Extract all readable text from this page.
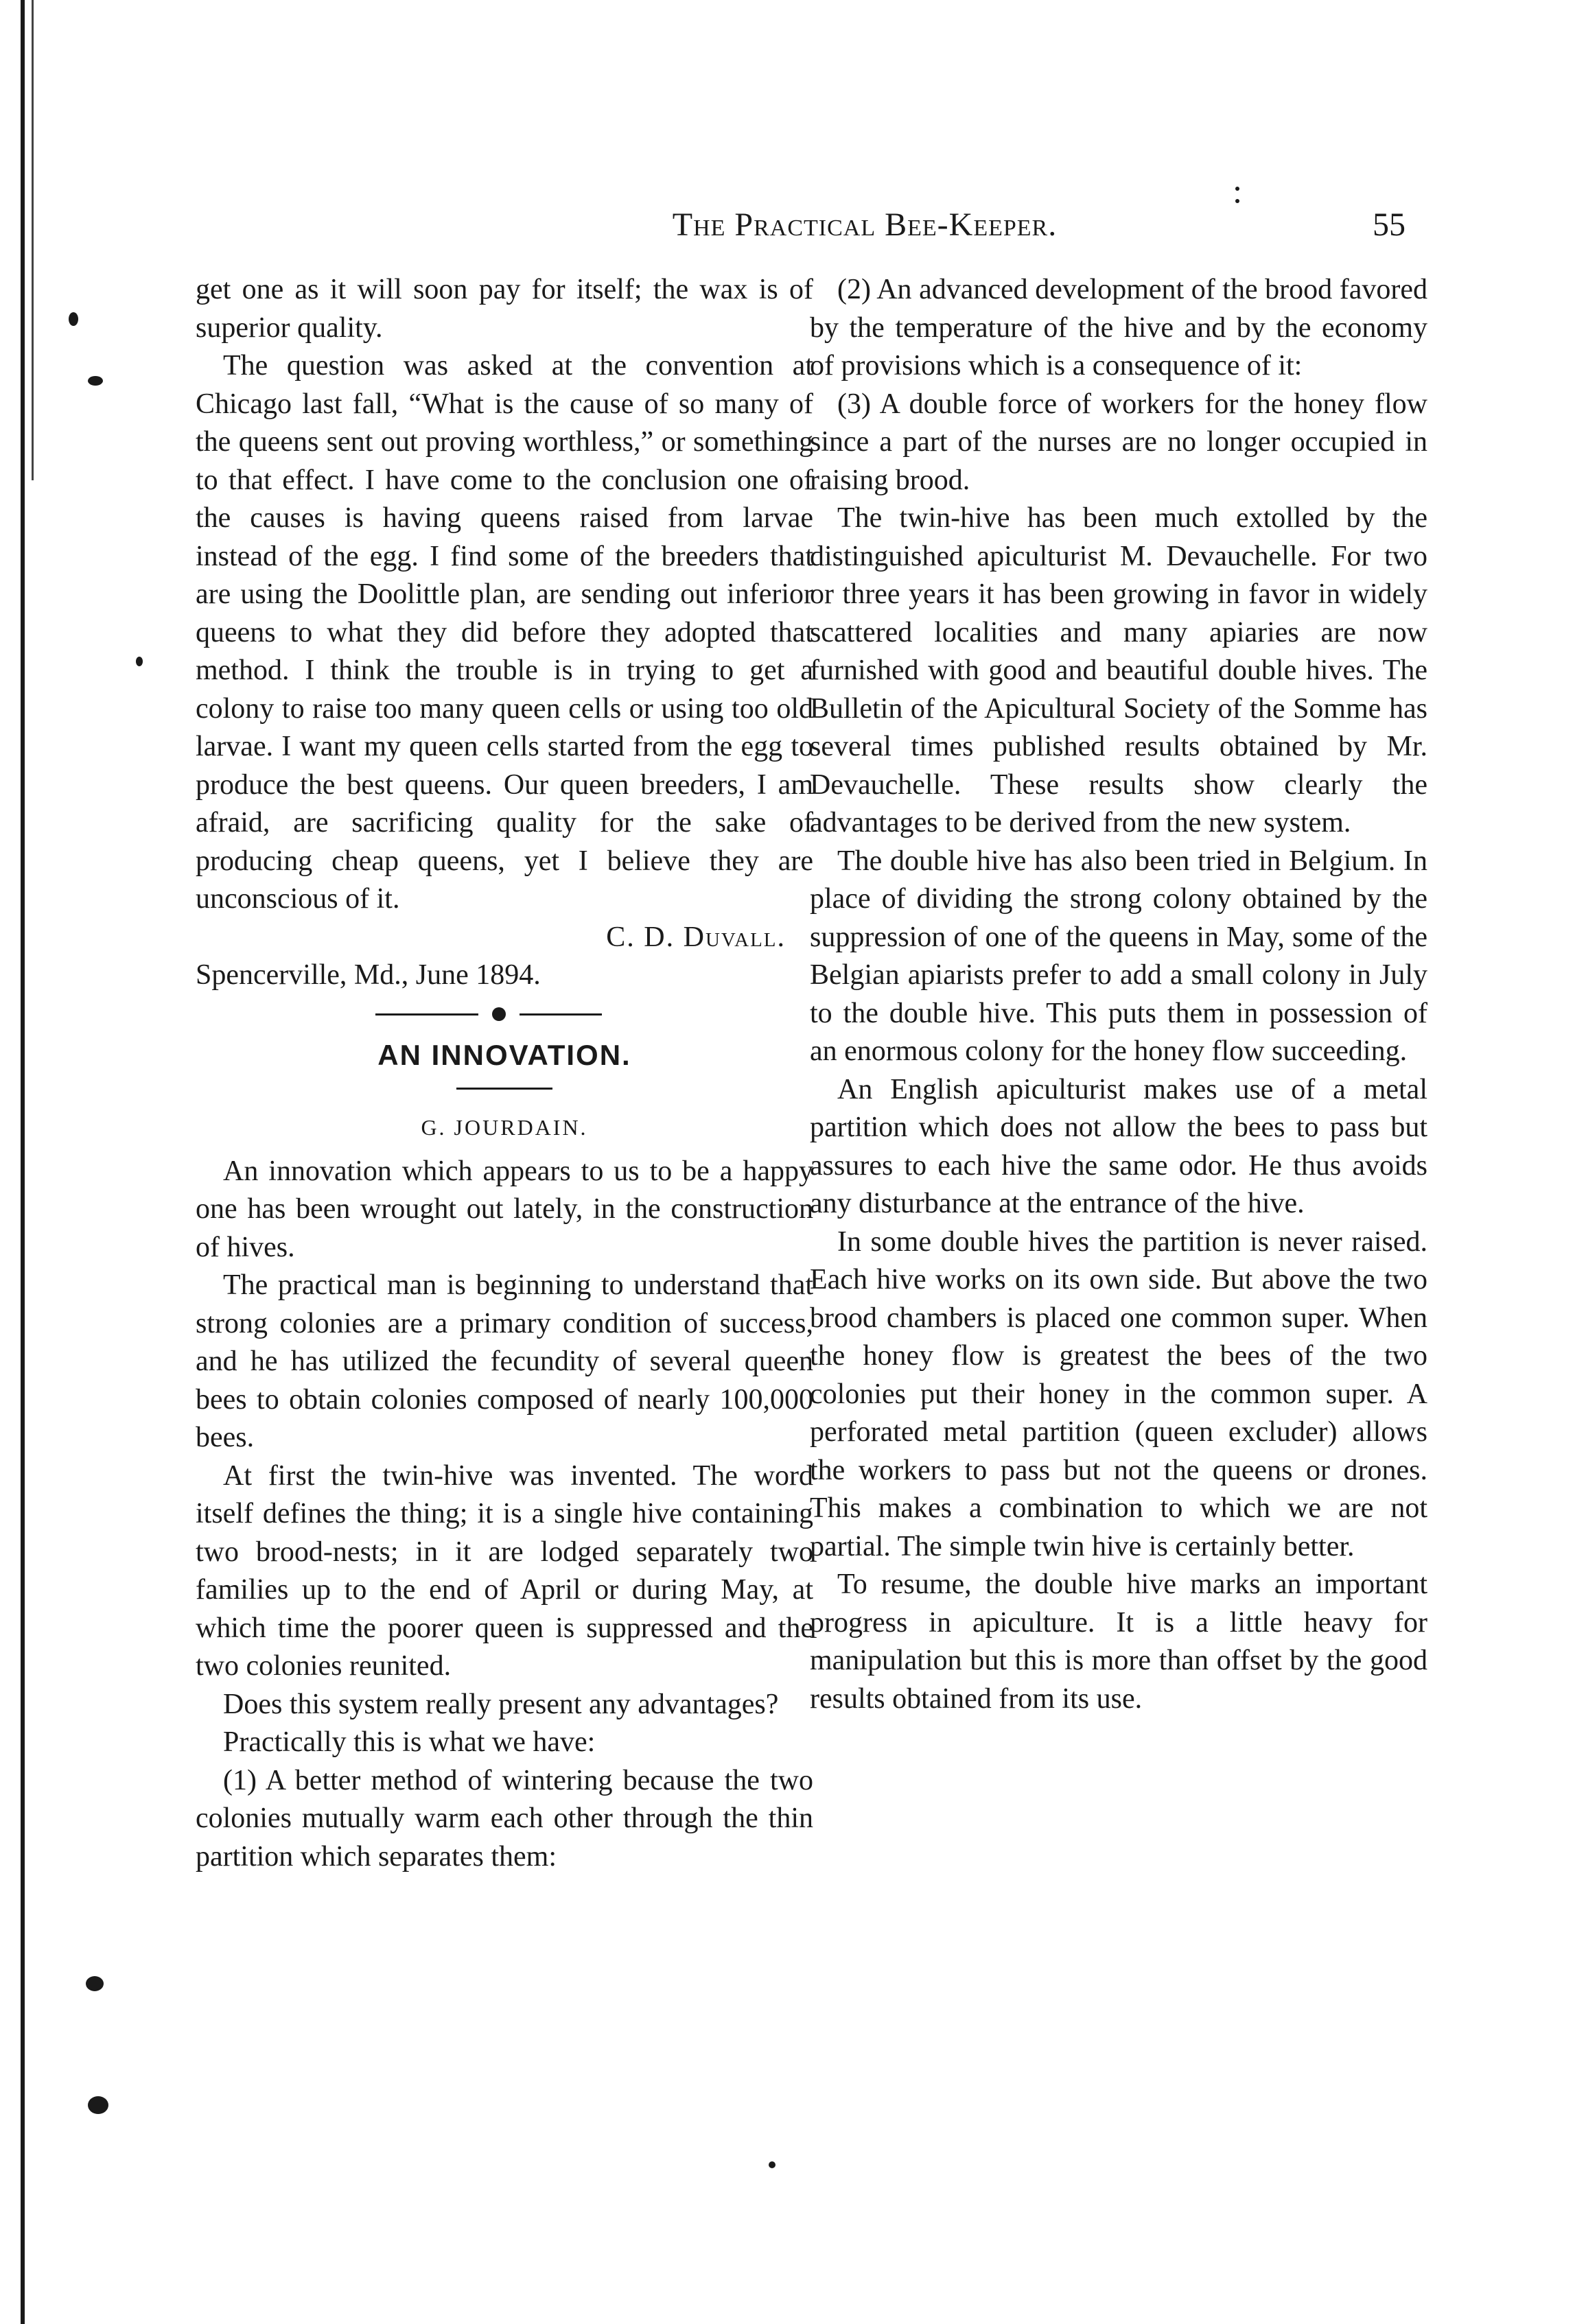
The Practical Bee-Keeper.	55

get one as it will soon pay for itself; the wax is of superior quality.

The question was asked at the convention at Chicago last fall, “What is the cause of so many of the queens sent out proving worthless,” or something to that effect. I have come to the conclusion one of the causes is having queens raised from larvae instead of the egg. I find some of the breeders that are using the Doolittle plan, are sending out inferior queens to what they did before they adopted that method. I think the trouble is in trying to get a colony to raise too many queen cells or using too old larvae. I want my queen cells started from the egg to produce the best queens. Our queen breeders, I am afraid, are sacrificing quality for the sake of producing cheap queens, yet I believe they are unconscious of it.

C. D. Duvall.

Spencerville, Md., June 1894.

AN INNOVATION.
G. JOURDAIN.

An innovation which appears to us to be a happy one has been wrought out lately, in the construction of hives.

The practical man is beginning to understand that strong colonies are a primary condition of success, and he has utilized the fecundity of several queen bees to obtain colonies composed of nearly 100,000 bees.

At first the twin-hive was invented. The word itself defines the thing; it is a single hive containing two brood-nests; in it are lodged separately two families up to the end of April or during May, at which time the poorer queen is suppressed and the two colonies reunited.

Does this system really present any advantages?

Practically this is what we have:

(1) A better method of wintering because the two colonies mutually warm each other through the thin partition which separates them:

(2) An advanced development of the brood favored by the temperature of the hive and by the economy of provisions which is a consequence of it:

(3) A double force of workers for the honey flow since a part of the nurses are no longer occupied in raising brood.

The twin-hive has been much extolled by the distinguished apiculturist M. Devauchelle. For two or three years it has been growing in favor in widely scattered localities and many apiaries are now furnished with good and beautiful double hives. The Bulletin of the Apicultural Society of the Somme has several times published results obtained by Mr. Devauchelle. These results show clearly the advantages to be derived from the new system.

The double hive has also been tried in Belgium. In place of dividing the strong colony obtained by the suppression of one of the queens in May, some of the Belgian apiarists prefer to add a small colony in July to the double hive. This puts them in possession of an enormous colony for the honey flow succeeding.

An English apiculturist makes use of a metal partition which does not allow the bees to pass but assures to each hive the same odor. He thus avoids any disturbance at the entrance of the hive.

In some double hives the partition is never raised. Each hive works on its own side. But above the two brood chambers is placed one common super. When the honey flow is greatest the bees of the two colonies put their honey in the common super. A perforated metal partition (queen excluder) allows the workers to pass but not the queens or drones. This makes a combination to which we are not partial. The simple twin hive is certainly better.

To resume, the double hive marks an important progress in apiculture. It is a little heavy for manipulation but this is more than offset by the good results obtained from its use.
